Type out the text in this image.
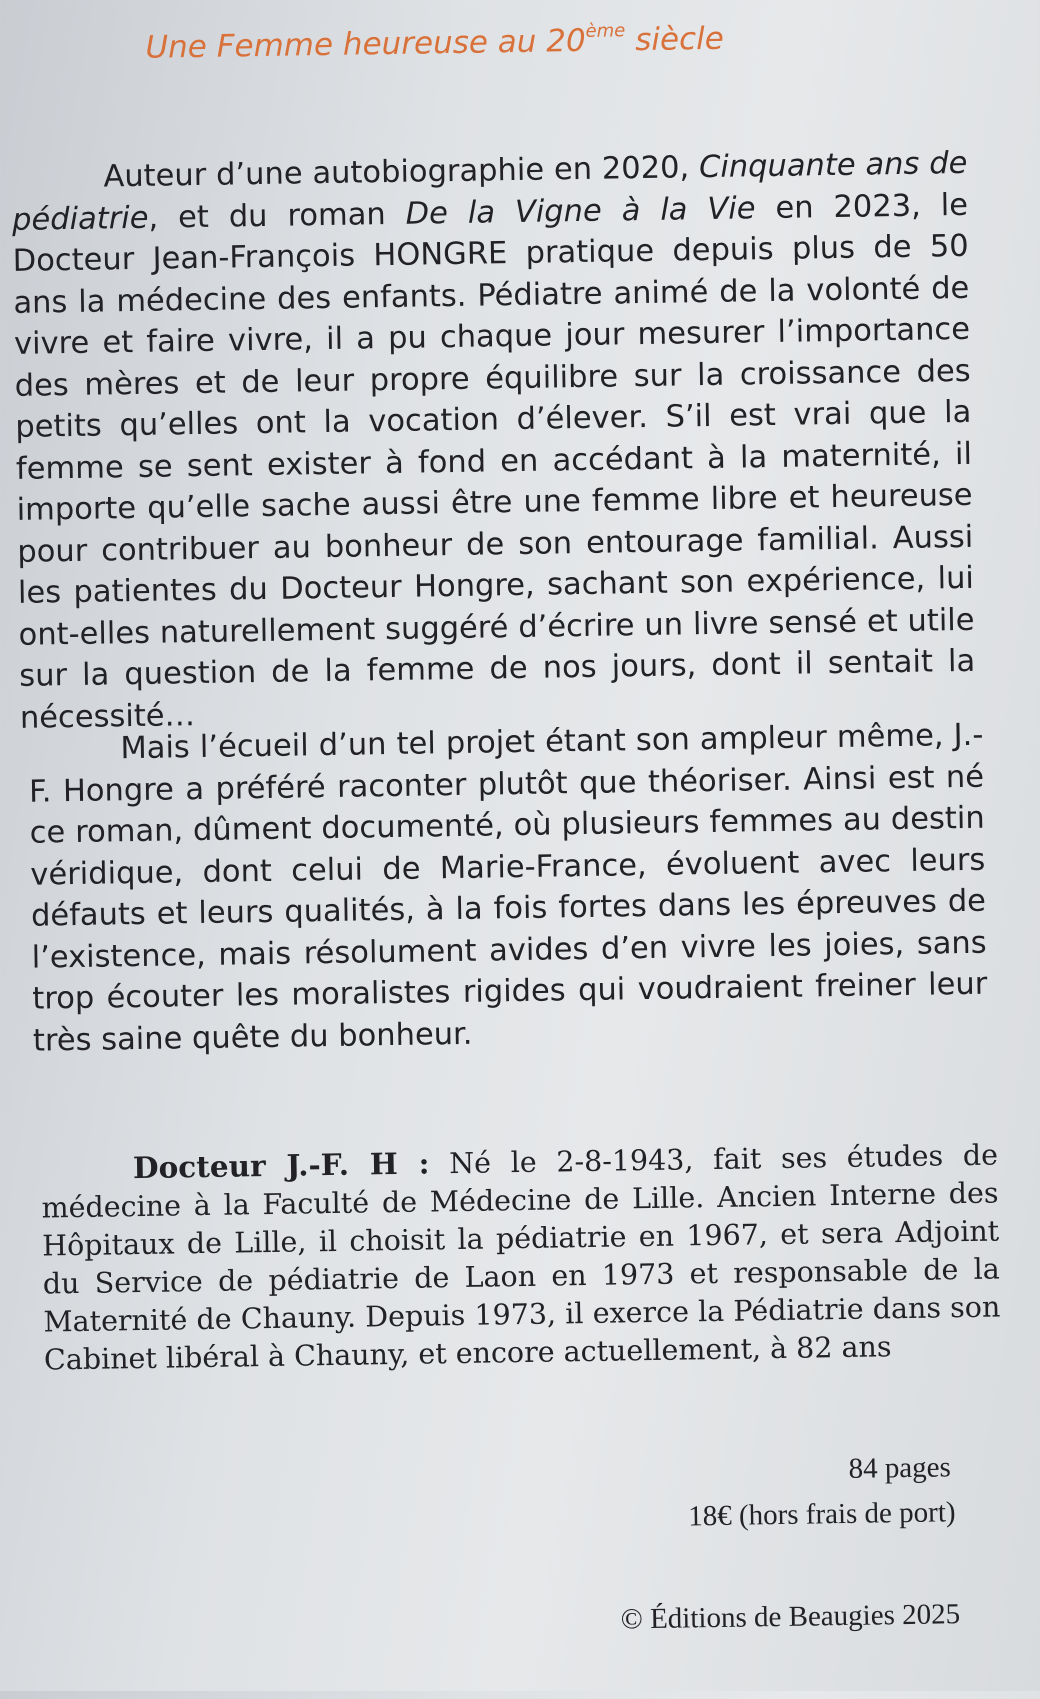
Une Femme heureuse au 20ème siècle

Auteur d’une autobiographie en 2020, Cinquante ans de pédiatrie, et du roman De la Vigne à la Vie en 2023, le Docteur Jean-François HONGRE pratique depuis plus de 50 ans la médecine des enfants. Pédiatre animé de la volonté de vivre et faire vivre, il a pu chaque jour mesurer l’importance des mères et de leur propre équilibre sur la croissance des petits qu’elles ont la vocation d’élever. S’il est vrai que la femme se sent exister à fond en accédant à la maternité, il importe qu’elle sache aussi être une femme libre et heureuse pour contribuer au bonheur de son entourage familial. Aussi les patientes du Docteur Hongre, sachant son expérience, lui ont-elles naturellement suggéré d’écrire un livre sensé et utile sur la question de la femme de nos jours, dont il sentait la nécessité…

Mais l’écueil d’un tel projet étant son ampleur même, J.-F. Hongre a préféré raconter plutôt que théoriser. Ainsi est né ce roman, dûment documenté, où plusieurs femmes au destin véridique, dont celui de Marie-France, évoluent avec leurs défauts et leurs qualités, à la fois fortes dans les épreuves de l’existence, mais résolument avides d’en vivre les joies, sans trop écouter les moralistes rigides qui voudraient freiner leur très saine quête du bonheur.

Docteur J.-F. H : Né le 2-8-1943, fait ses études de médecine à la Faculté de Médecine de Lille. Ancien Interne des Hôpitaux de Lille, il choisit la pédiatrie en 1967, et sera Adjoint du Service de pédiatrie de Laon en 1973 et responsable de la Maternité de Chauny. Depuis 1973, il exerce la Pédiatrie dans son Cabinet libéral à Chauny, et encore actuellement, à 82 ans

84 pages
18€ (hors frais de port)
© Éditions de Beaugies 2025
